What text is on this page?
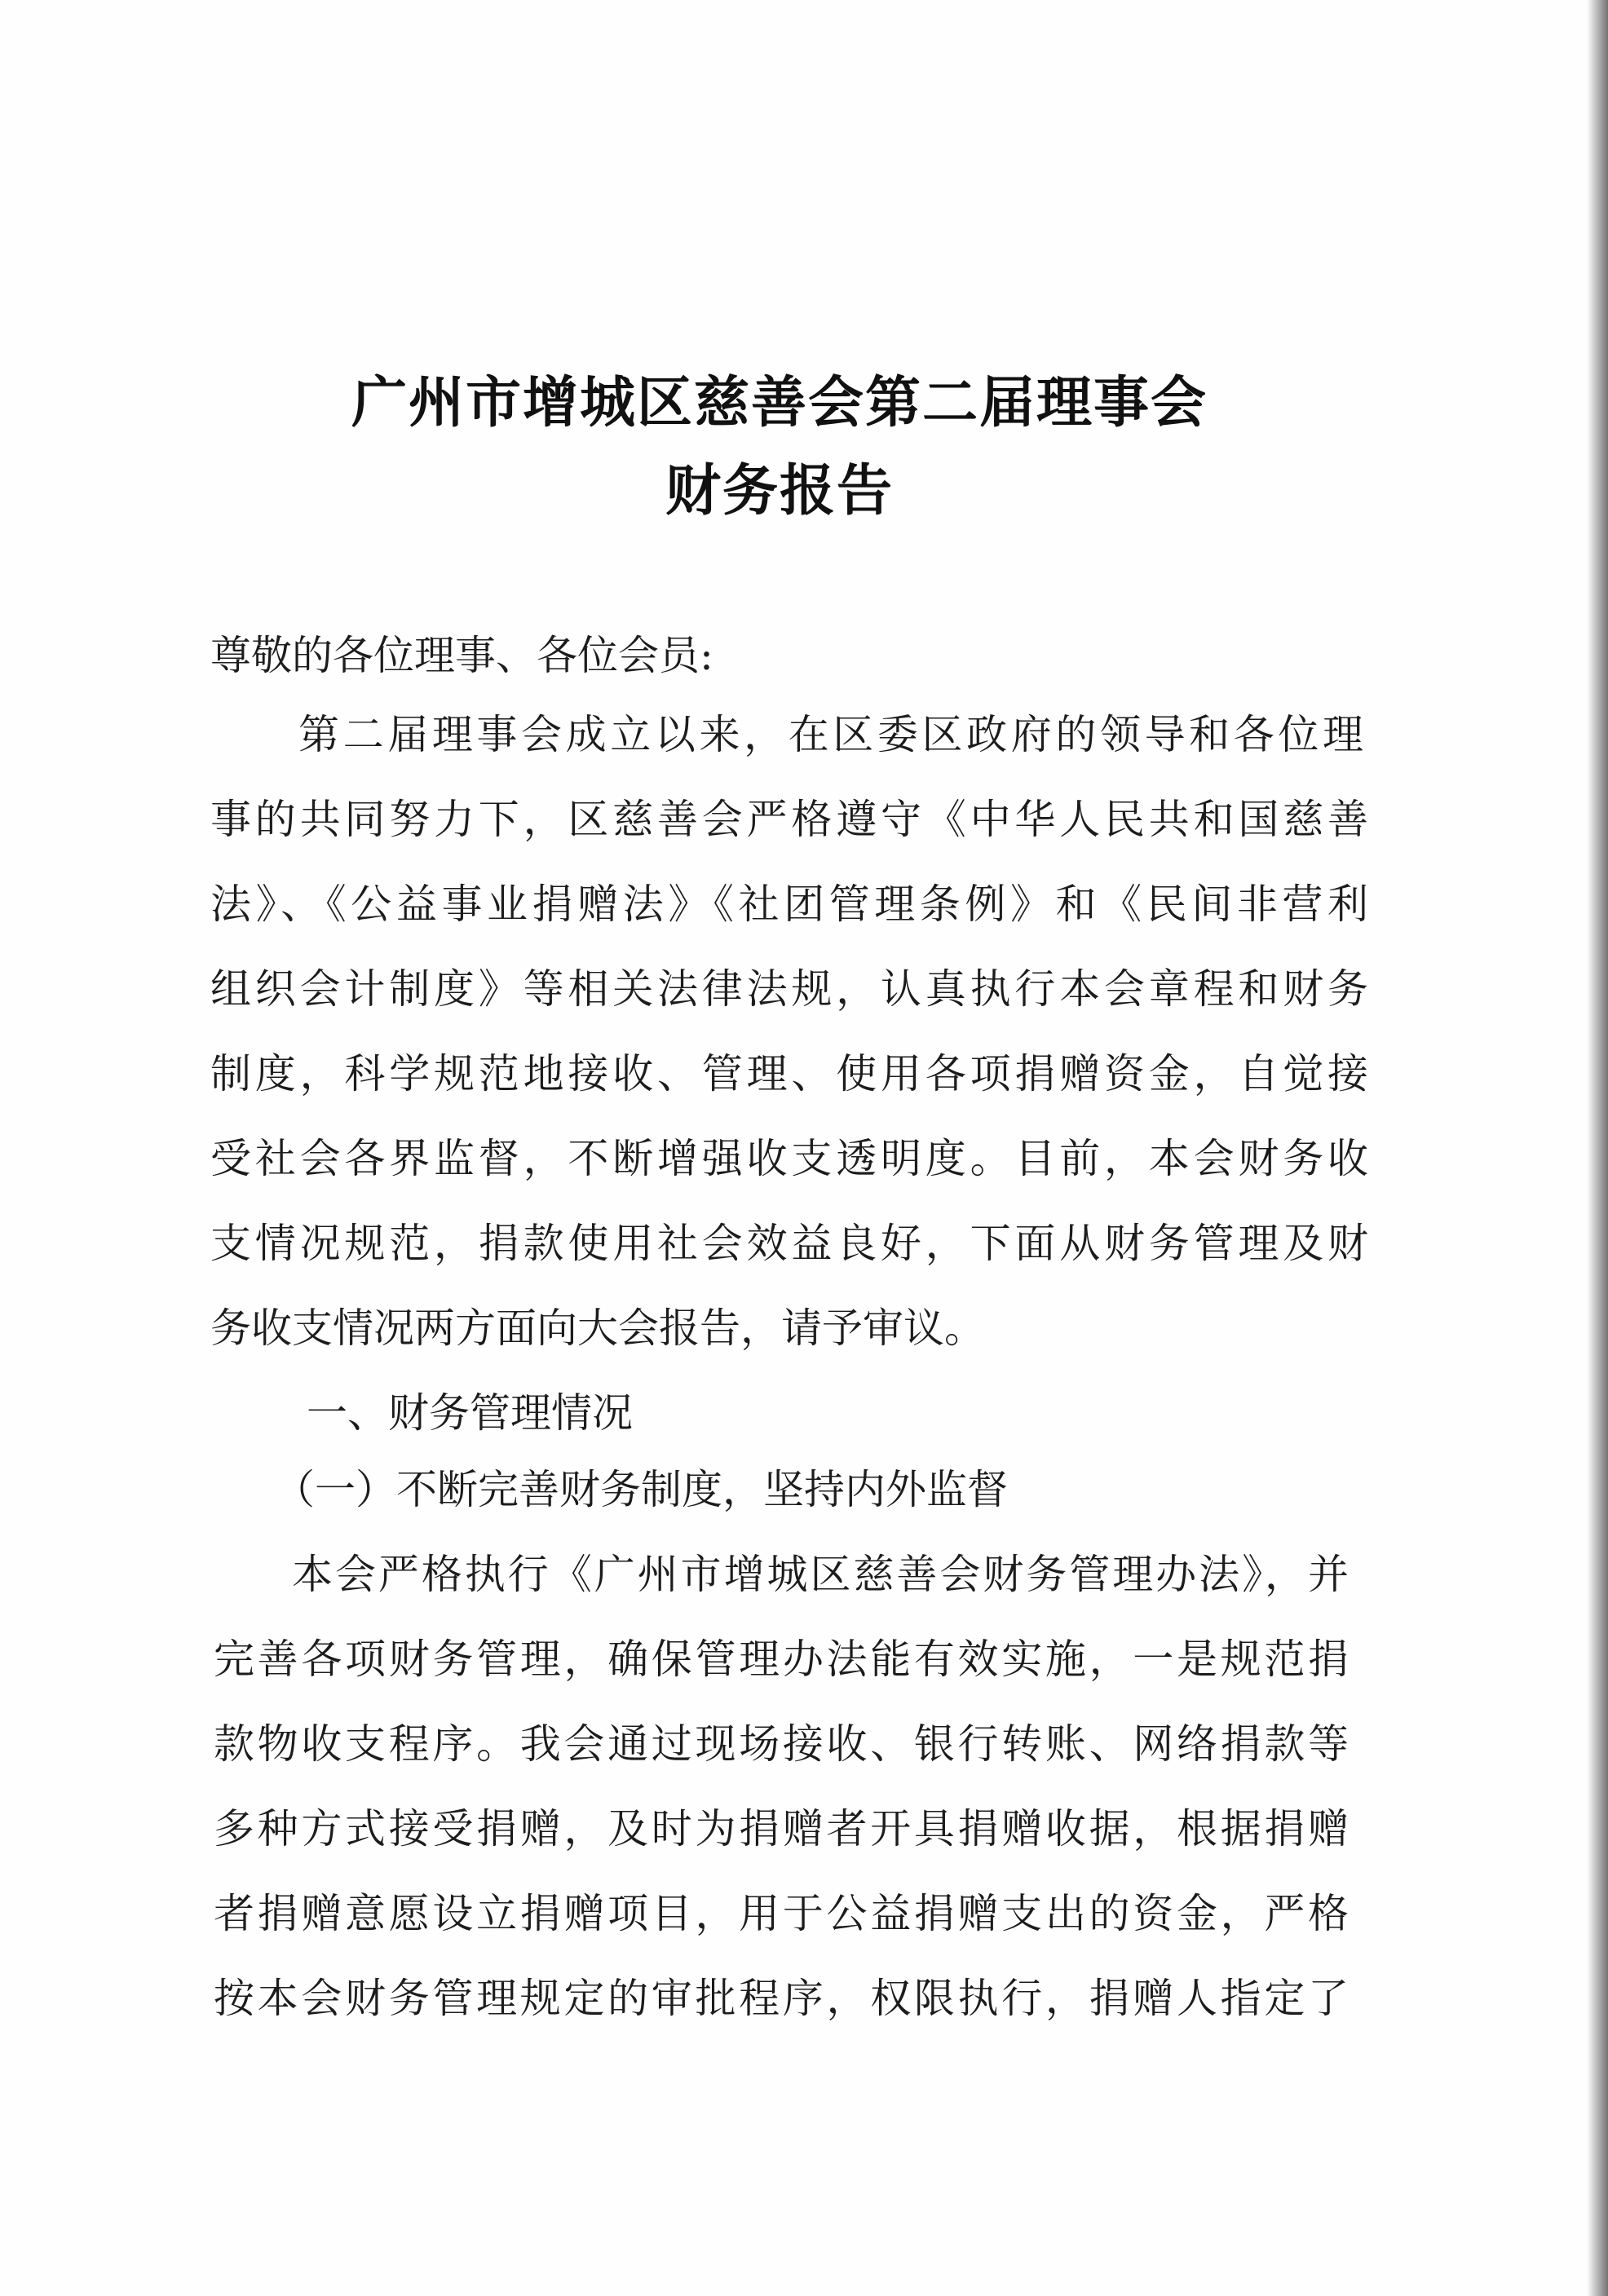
广州市增城区慈善会第二届理事会
财务报告
尊敬的各位理事、各位会员:
第二届理事会成立以来，在区委区政府的领导和各位理
事的共同努力下，区慈善会严格遵守《中华人民共和国慈善
法》、《公益事业捐赠法》《社团管理条例》和《民间非营利
组织会计制度》等相关法律法规，认真执行本会章程和财务
制度，科学规范地接收、管理、使用各项捐赠资金，自觉接
受社会各界监督，不断增强收支透明度。目前，本会财务收
支情况规范，捐款使用社会效益良好，下面从财务管理及财
务收支情况两方面向大会报告，请予审议。
一、财务管理情况
（一）不断完善财务制度，坚持内外监督
本会严格执行《广州市增城区慈善会财务管理办法》，并
完善各项财务管理，确保管理办法能有效实施，一是规范捐
款物收支程序。我会通过现场接收、银行转账、网络捐款等
多种方式接受捐赠，及时为捐赠者开具捐赠收据，根据捐赠
者捐赠意愿设立捐赠项目，用于公益捐赠支出的资金，严格
按本会财务管理规定的审批程序，权限执行，捐赠人指定了
